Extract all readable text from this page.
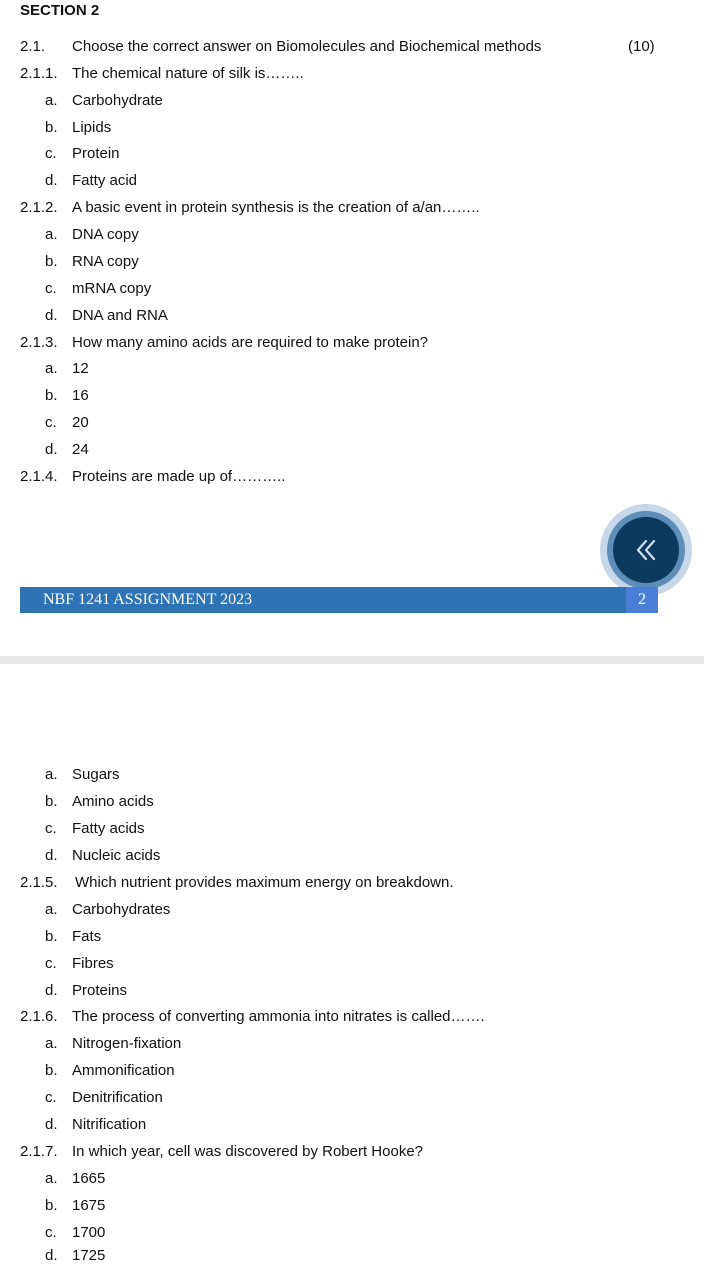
SECTION 2
2.1. Choose the correct answer on Biomolecules and Biochemical methods	(10)
2.1.1. The chemical nature of silk is……..
a. Carbohydrate
b. Lipids
c. Protein
d. Fatty acid
2.1.2. A basic event in protein synthesis is the creation of a/an……..
a. DNA copy
b. RNA copy
c. mRNA copy
d. DNA and RNA
2.1.3. How many amino acids are required to make protein?
a. 12
b. 16
c. 20
d. 24
2.1.4. Proteins are made up of………..
NBF 1241 ASSIGNMENT 2023	2
a. Sugars
b. Amino acids
c. Fatty acids
d. Nucleic acids
2.1.5. Which nutrient provides maximum energy on breakdown.
a. Carbohydrates
b. Fats
c. Fibres
d. Proteins
2.1.6. The process of converting ammonia into nitrates is called…….
a. Nitrogen-fixation
b. Ammonification
c. Denitrification
d. Nitrification
2.1.7. In which year, cell was discovered by Robert Hooke?
a. 1665
b. 1675
c. 1700
d. 1725
